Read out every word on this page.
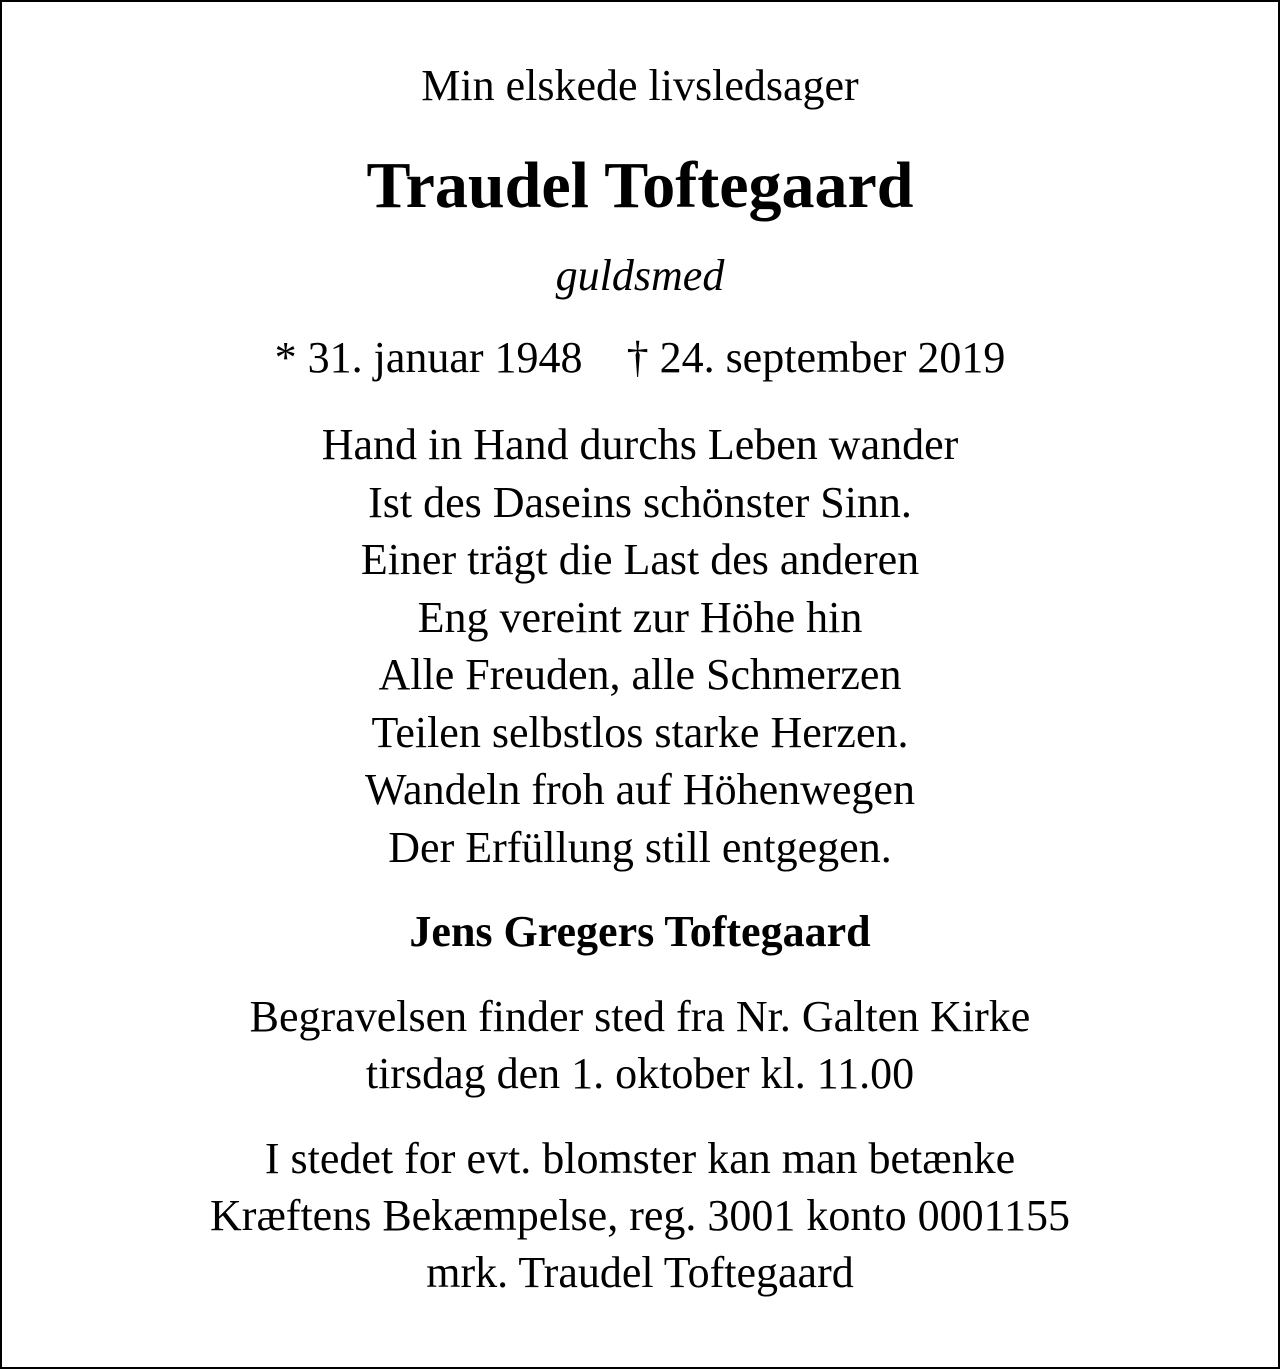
Min elskede livsledsager
Traudel Toftegaard
guldsmed
* 31. januar 1948 † 24. september 2019
Hand in Hand durchs Leben wander
Ist des Daseins schönster Sinn.
Einer trägt die Last des anderen
Eng vereint zur Höhe hin
Alle Freuden, alle Schmerzen
Teilen selbstlos starke Herzen.
Wandeln froh auf Höhenwegen
Der Erfüllung still entgegen.
Jens Gregers Toftegaard
Begravelsen finder sted fra Nr. Galten Kirke
tirsdag den 1. oktober kl. 11.00
I stedet for evt. blomster kan man betænke
Kræftens Bekæmpelse, reg. 3001 konto 0001155
mrk. Traudel Toftegaard
